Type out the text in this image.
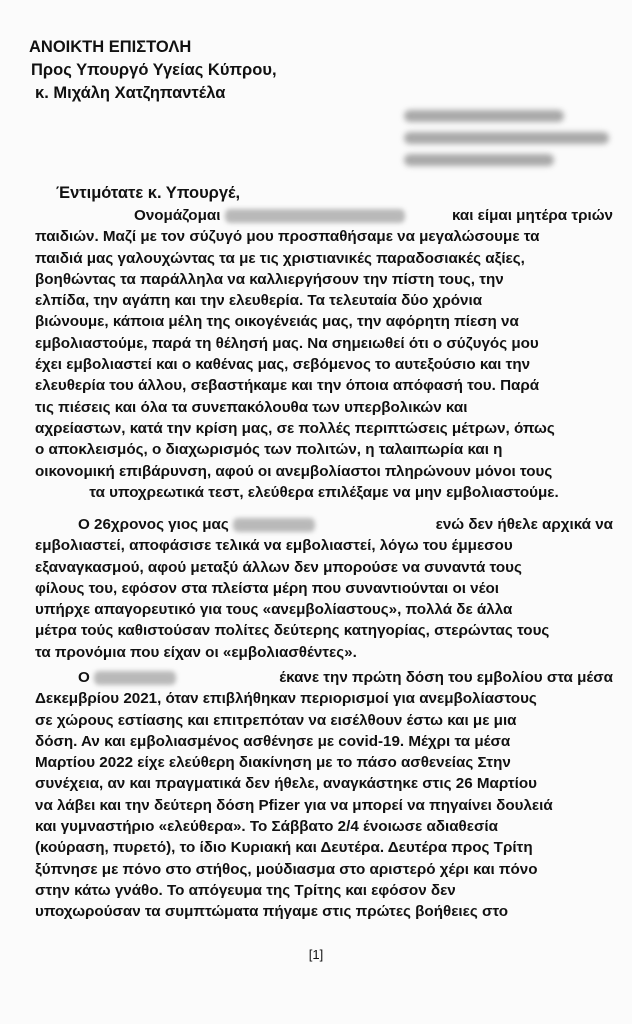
ΑΝΟΙΚΤΗ ΕΠΙΣΤΟΛΗ
Προς Υπουργό Υγείας Κύπρου,
κ. Μιχάλη Χατζηπαντέλα
Έντιμότατε κ. Υπουργέ,
Ονομάζομαι	και είμαι μητέρα τριών
παιδιών. Μαζί με τον σύζυγό μου προσπαθήσαμε να μεγαλώσουμε τα
παιδιά μας γαλουχώντας τα με τις χριστιανικές παραδοσιακές αξίες,
βοηθώντας τα παράλληλα να καλλιεργήσουν την πίστη τους, την
ελπίδα, την αγάπη και την ελευθερία. Τα τελευταία δύο χρόνια
βιώνουμε, κάποια μέλη της οικογένειάς μας, την αφόρητη πίεση να
εμβολιαστούμε, παρά τη θέλησή μας. Να σημειωθεί ότι ο σύζυγός μου
έχει εμβολιαστεί και ο καθένας μας, σεβόμενος το αυτεξούσιο και την
ελευθερία του άλλου, σεβαστήκαμε και την όποια απόφασή του. Παρά
τις πιέσεις και όλα τα συνεπακόλουθα των υπερβολικών και
αχρείαστων, κατά την κρίση μας, σε πολλές περιπτώσεις μέτρων, όπως
ο αποκλεισμός, ο διαχωρισμός των πολιτών, η ταλαιπωρία και η
οικονομική επιβάρυνση, αφού οι ανεμβολίαστοι πληρώνουν μόνοι τους
τα υποχρεωτικά τεστ, ελεύθερα επιλέξαμε να μην εμβολιαστούμε.
Ο 26χρονος γιος μας	ενώ δεν ήθελε αρχικά να
εμβολιαστεί, αποφάσισε τελικά να εμβολιαστεί, λόγω του έμμεσου
εξαναγκασμού, αφού μεταξύ άλλων δεν μπορούσε να συναντά τους
φίλους του, εφόσον στα πλείστα μέρη που συναντιούνται οι νέοι
υπήρχε απαγορευτικό για τους «ανεμβολίαστους», πολλά δε άλλα
μέτρα τούς καθιστούσαν πολίτες δεύτερης κατηγορίας, στερώντας τους
τα προνόμια που είχαν οι «εμβολιασθέντες».
Ο	έκανε την πρώτη δόση του εμβολίου στα μέσα
Δεκεμβρίου 2021, όταν επιβλήθηκαν περιορισμοί για ανεμβολίαστους
σε χώρους εστίασης και επιτρεπόταν να εισέλθουν έστω και με μια
δόση. Αν και εμβολιασμένος ασθένησε με covid-19. Μέχρι τα μέσα
Μαρτίου 2022 είχε ελεύθερη διακίνηση με το πάσο ασθενείας Στην
συνέχεια, αν και πραγματικά δεν ήθελε, αναγκάστηκε στις 26 Μαρτίου
να λάβει και την δεύτερη δόση Pfizer για να μπορεί να πηγαίνει δουλειά
και γυμναστήριο «ελεύθερα». Το Σάββατο 2/4 ένοιωσε αδιαθεσία
(κούραση, πυρετό), το ίδιο Κυριακή και Δευτέρα. Δευτέρα προς Τρίτη
ξύπνησε με πόνο στο στήθος, μούδιασμα στο αριστερό χέρι και πόνο
στην κάτω γνάθο. Το απόγευμα της Τρίτης και εφόσον δεν
υποχωρούσαν τα συμπτώματα πήγαμε στις πρώτες βοήθειες στο
[1]
